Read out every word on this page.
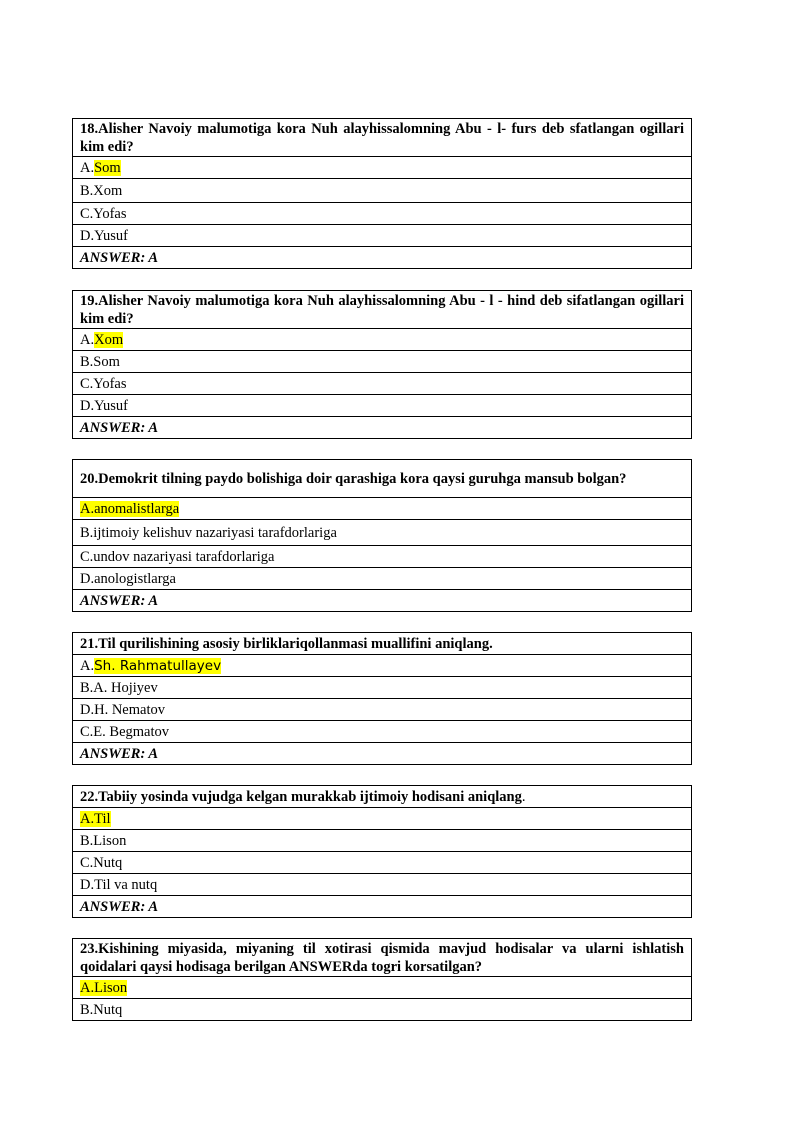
18.Alisher Navoiy malumotiga kora Nuh alayhissalomning Abu - l- furs deb sfatlangan ogillari kim edi?
A.Som
B.Xom
C.Yofas
D.Yusuf
ANSWER: A
19.Alisher Navoiy malumotiga kora Nuh alayhissalomning Abu - l - hind deb sifatlangan ogillari kim edi?
A.Xom
B.Som
C.Yofas
D.Yusuf
ANSWER: A
20.Demokrit tilning paydo bolishiga doir qarashiga kora qaysi guruhga mansub bolgan?
A.anomalistlarga
B.ijtimoiy kelishuv nazariyasi tarafdorlariga
C.undov nazariyasi tarafdorlariga
D.anologistlarga
ANSWER: A
21.Til qurilishining asosiy birliklariqollanmasi muallifini aniqlang.
A.Sh. Rahmatullayev
B.A. Hojiyev
D.H. Nematov
C.E. Begmatov
ANSWER: A
22.Tabiiy yosinda vujudga kelgan murakkab ijtimoiy hodisani aniqlang.
A.Til
B.Lison
C.Nutq
D.Til va nutq
ANSWER: A
23.Kishining miyasida, miyaning til xotirasi qismida mavjud hodisalar va ularni ishlatish qoidalari qaysi hodisaga berilgan ANSWERda togri korsatilgan?
A.Lison
B.Nutq
